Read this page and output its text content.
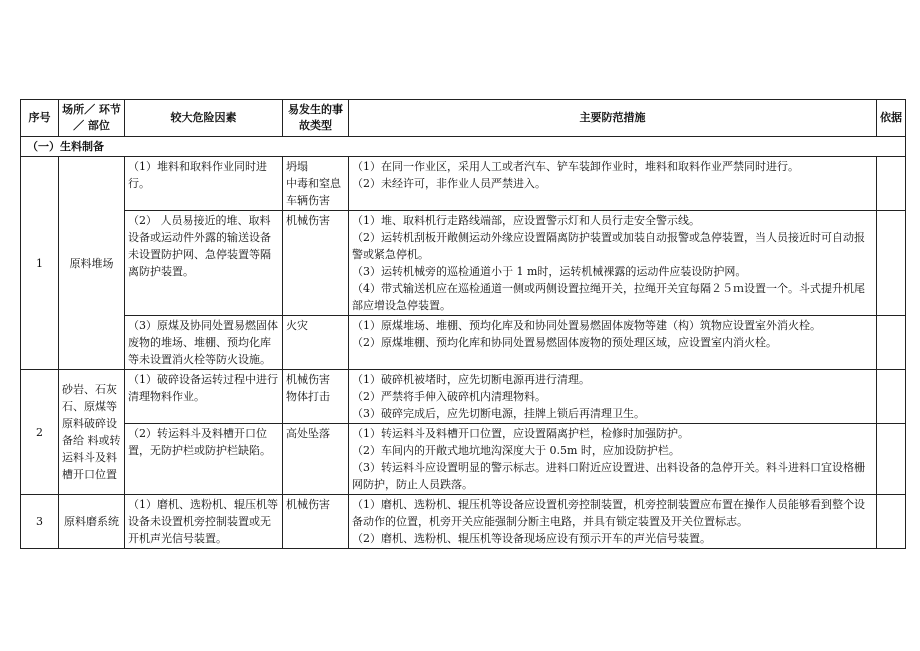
序号	场所／ 环节／ 部位	较大危险因素	易发生的事故类型	主要防范措施	依据
（一）生料制备					
1	原料堆场	（1）堆料和取料作业同时进行。	坍塌
中毒和窒息
车辆伤害	（1）在同一作业区，采用人工或者汽车、铲车装卸作业时，堆料和取料作业严禁同时进行。
（2）未经许可，非作业人员严禁进入。	

		（2） 人员易接近的堆、取料设备或运动件外露的输送设备未设置防护网、急停装置等隔离防护装置。	机械伤害	（1）堆、取料机行走路线端部，应设置警示灯和人员行走安全警示线。
（2）运转机刮板开敞侧运动外缘应设置隔离防护装置或加装自动报警或急停装置，当人员接近时可自动报警或紧急停机。
（3）运转机械旁的巡检通道小于 1 m时，运转机械裸露的运动件应装设防护网。
（4）带式输送机应在巡检通道一侧或两侧设置拉绳开关，拉绳开关宜每隔２５ｍ设置一个。斗式提升机尾部应增设急停装置。	

		（3）原煤及协同处置易燃固体废物的堆场、堆棚、预均化库等未设置消火栓等防火设施。	火灾	（1）原煤堆场、堆棚、预均化库及和协同处置易燃固体废物等建（构）筑物应设置室外消火栓。
（2）原煤堆棚、预均化库和协同处置易燃固体废物的预处理区域，应设置室内消火栓。	

2	砂岩、石灰石、原煤等原料破碎设备给 料或转运料斗及料槽开口位置	（1）破碎设备运转过程中进行清理物料作业。	机械伤害
物体打击	（1）破碎机被堵时，应先切断电源再进行清理。
（2）严禁将手伸入破碎机内清理物料。
（3）破碎完成后，应先切断电源，挂牌上锁后再清理卫生。	

		（2）转运料斗及料槽开口位置，无防护栏或防护栏缺陷。	高处坠落	（1）转运料斗及料槽开口位置，应设置隔离护栏，检修时加强防护。
（2）车间内的开敞式地坑地沟深度大于 0.5m 时，应加设防护栏。
（3）转运料斗应设置明显的警示标志。进料口附近应设置进、出料设备的急停开关。料斗进料口宜设格栅网防护，防止人员跌落。	

3	原料磨系统	（1）磨机、选粉机、辊压机等设备未设置机旁控制装置或无开机声光信号装置。	机械伤害	（1）磨机、选粉机、辊压机等设备应设置机旁控制装置，机旁控制装置应布置在操作人员能够看到整个设备动作的位置，机旁开关应能强制分断主电路，并具有锁定装置及开关位置标志。
（2）磨机、选粉机、辊压机等设备现场应设有预示开车的声光信号装置。	
